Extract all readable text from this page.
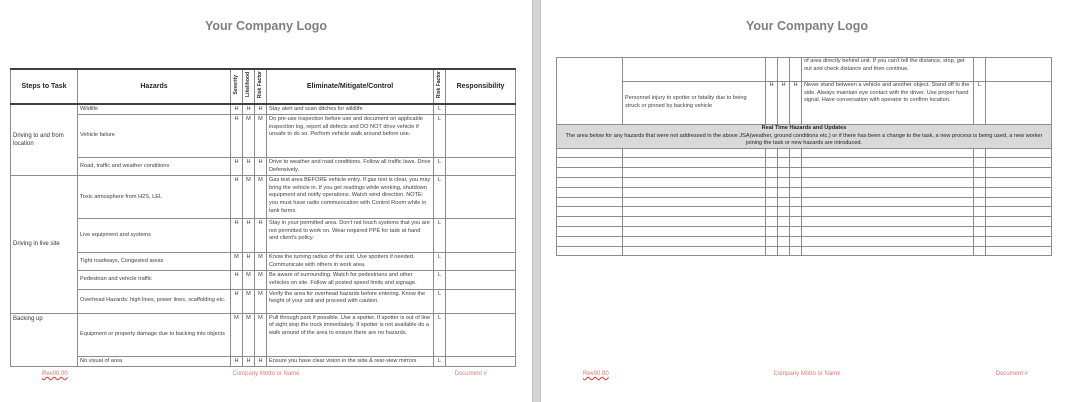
Your Company Logo
Steps to Task	Hazards	Severity	Likelihood	Risk Factor	Eliminate/Mitigate/Control	Risk Factor	Responsibility
Driving to and from location	Wildlife	H	H	H	Stay alert and scan ditches for wildlife	L	
	Vehicle failure	H	M	M	Do pre-use inspection before use and document on applicable inspection log, report all defects and DO NOT drive vehicle if unsafe to do so. Perform vehicle walk around before use.	L	
	Road, traffic and weather conditions	H	H	H	Drive to weather and road conditions. Follow all traffic laws. Drive Defensively.	L	
Driving in live site	Toxic atmosphere from H2S, LEL	H	M	M	Gas test area BEFORE vehicle entry. If gas test is clear, you may bring the vehicle in. If you get readings while working, shutdown equipment and notify operations. Watch wind direction. NOTE: you must have radio communication with Control Room while in tank farms.	L	
	Live equipment and systems	H	H	H	Stay in your permitted area. Don't not touch systems that you are not permitted to work on. Wear required PPE for task at hand and client's policy.	L	
	Tight roadways, Congested areas	M	H	M	Know the turning radius of the unit. Use spotters if needed. Communicate with others in work area.	L	
	Pedestrian and vehicle traffic	H	M	M	Be aware of surrounding. Watch for pedestrians and other vehicles on site. Follow all posted speed limits and signage.	L	
	Overhead Hazards: high lines, power lines, scaffolding etc.	H	M	M	Verify the area for overhead hazards before entering. Know the height of your unit and proceed with caution.	L	
Backing up	Equipment or property damage due to backing into objects	M	M	M	Pull through park if possible. Use a spotter. If spotter is out of line of sight stop the truck immediately. If spotter is not available do a walk around of the area to ensure there are no hazards.	L	
	No visual of area	H	H	H	Ensure you have clear vision in the side & rear-view mirrors	L	
Rev00.00	Company Motto or Name	Document #
Your Company Logo
					of area directly behind unit. If you can't tell the distance, stop, get out and check distance and then continue.		
	Personnel injury to spotter or fatality due to being struck or pinned by backing vehicle	H	H	H	Never stand between a vehicle and another object. Stand off to the side. Always maintain eye contact with the driver. Use proper hand signal. Have conversation with operator to confirm location.	L	

Real Time Hazards and Updates
The area below for any hazards that were not addressed in the above JSA(weather, ground conditions etc.) or if there has been a change to the task, a new process is being used, a new worker joining the task or new hazards are introduced.							

Rev00.00	Company Motto or Name	Document #
